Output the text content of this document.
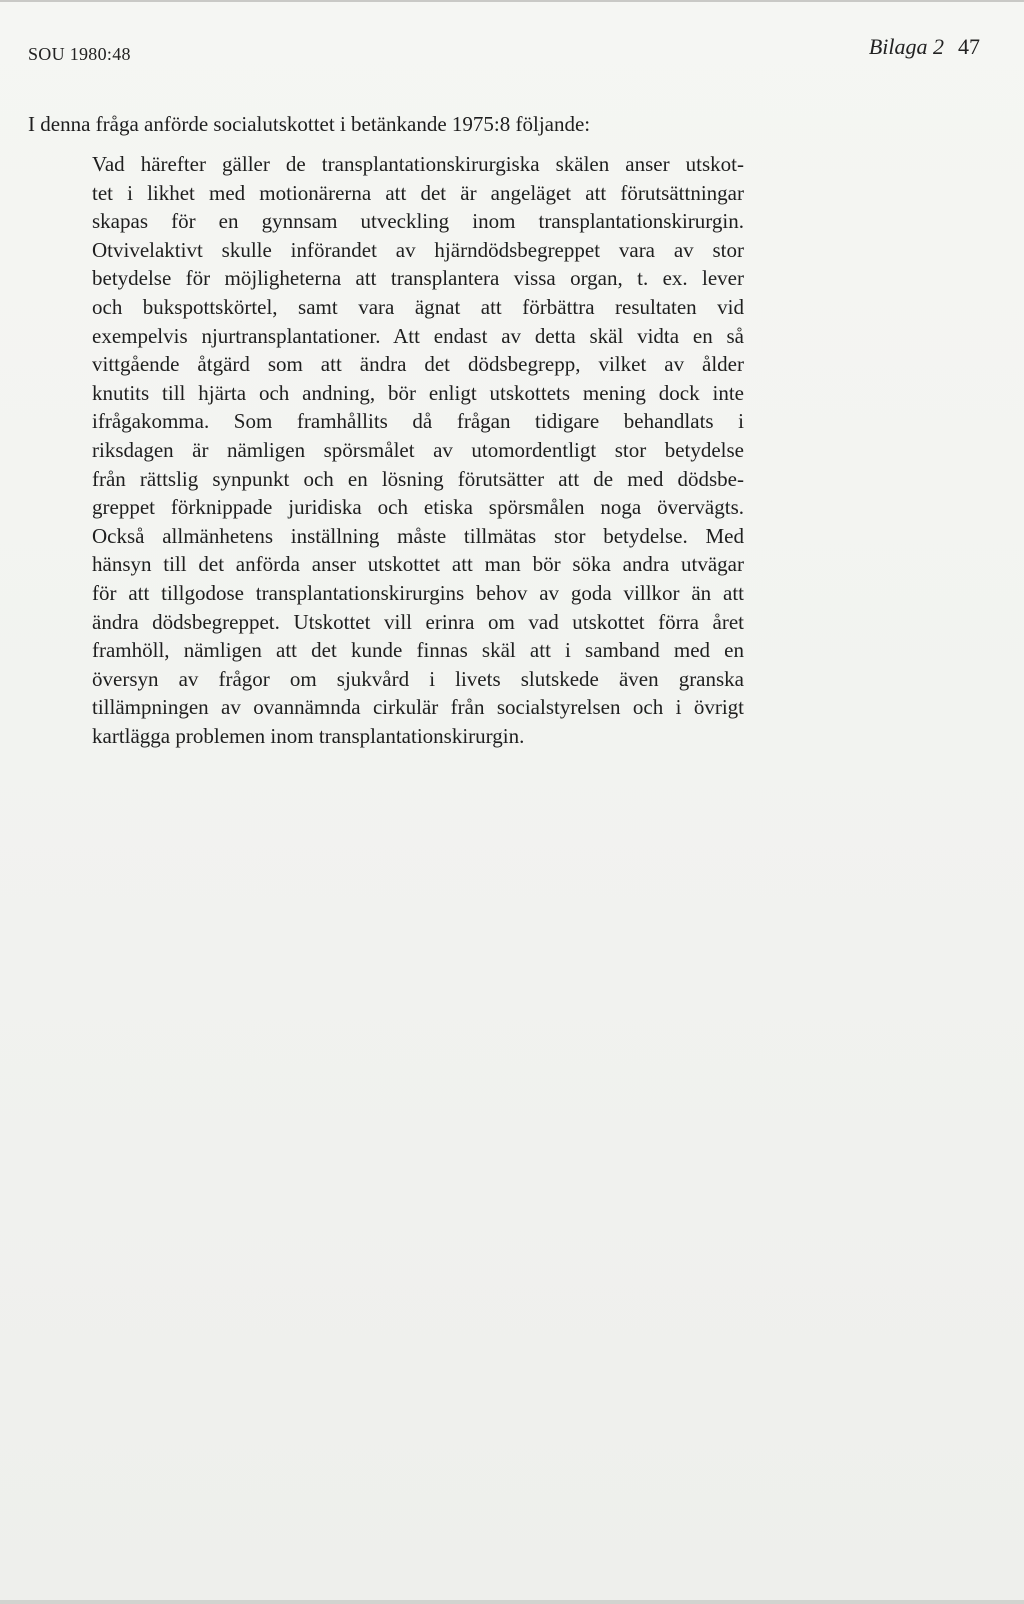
SOU 1980:48	Bilaga 2 47
I denna fråga anförde socialutskottet i betänkande 1975:8 följande:
Vad härefter gäller de transplantationskirurgiska skälen anser utskot-
tet i likhet med motionärerna att det är angeläget att förutsättningar
skapas för en gynnsam utveckling inom transplantationskirurgin.
Otvivelaktivt skulle införandet av hjärndödsbegreppet vara av stor
betydelse för möjligheterna att transplantera vissa organ, t. ex. lever
och bukspottskörtel, samt vara ägnat att förbättra resultaten vid
exempelvis njurtransplantationer. Att endast av detta skäl vidta en så
vittgående åtgärd som att ändra det dödsbegrepp, vilket av ålder
knutits till hjärta och andning, bör enligt utskottets mening dock inte
ifrågakomma. Som framhållits då frågan tidigare behandlats i
riksdagen är nämligen spörsmålet av utomordentligt stor betydelse
från rättslig synpunkt och en lösning förutsätter att de med dödsbe-
greppet förknippade juridiska och etiska spörsmålen noga övervägts.
Också allmänhetens inställning måste tillmätas stor betydelse. Med
hänsyn till det anförda anser utskottet att man bör söka andra utvägar
för att tillgodose transplantationskirurgins behov av goda villkor än att
ändra dödsbegreppet. Utskottet vill erinra om vad utskottet förra året
framhöll, nämligen att det kunde finnas skäl att i samband med en
översyn av frågor om sjukvård i livets slutskede även granska
tillämpningen av ovannämnda cirkulär från socialstyrelsen och i övrigt
kartlägga problemen inom transplantationskirurgin.
